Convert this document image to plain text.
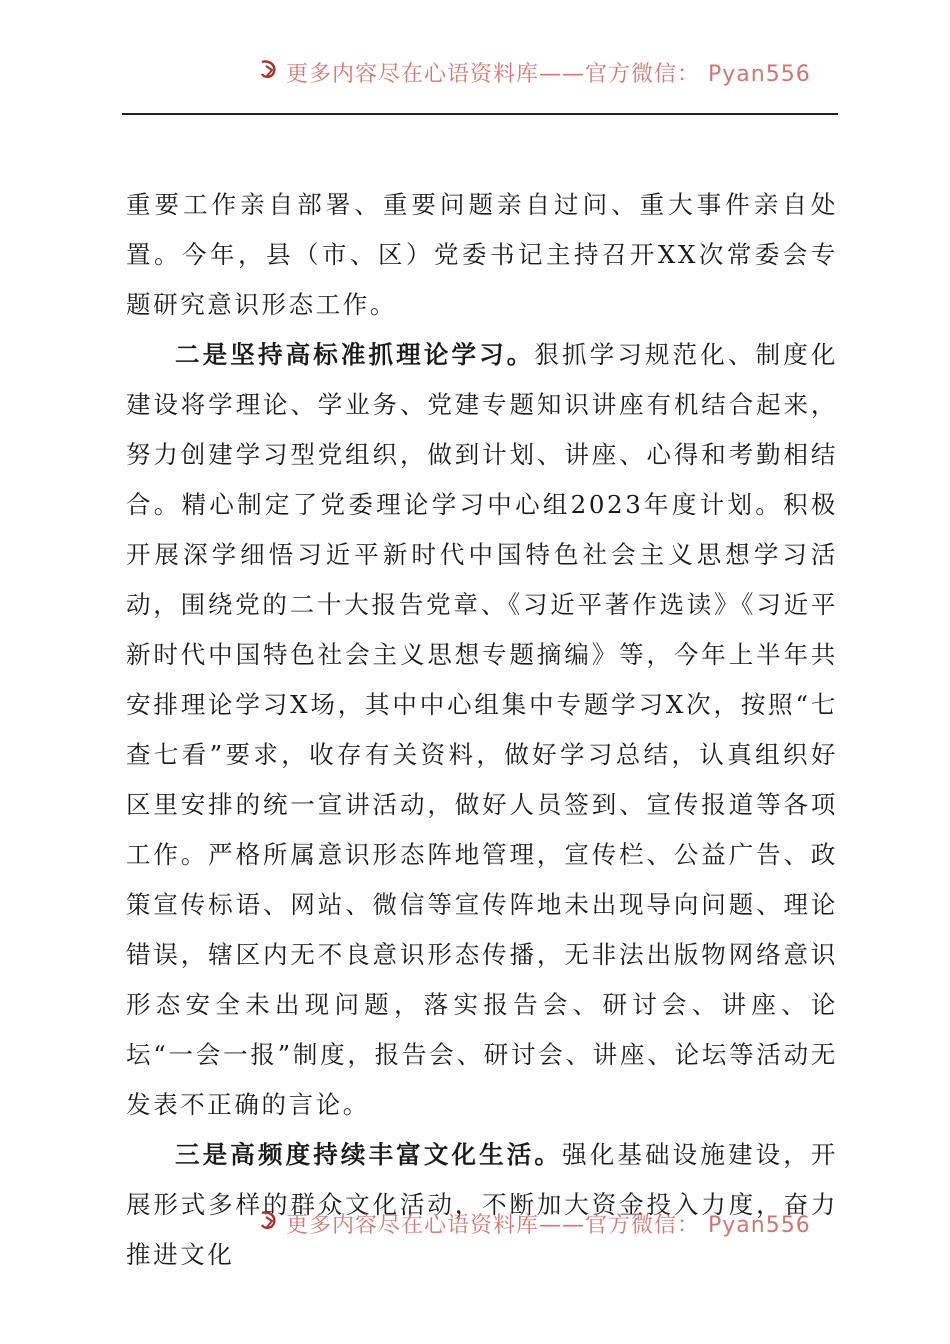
更多内容尽在心语资料库——官方微信： Pyan556

重要工作亲自部署、重要问题亲自过问、重大事件亲自处置。今年，县（市、区）党委书记主持召开XX次常委会专题研究意识形态工作。

二是坚持高标准抓理论学习。狠抓学习规范化、制度化建设将学理论、学业务、党建专题知识讲座有机结合起来，努力创建学习型党组织，做到计划、讲座、心得和考勤相结合。精心制定了党委理论学习中心组2023年度计划。积极开展深学细悟习近平新时代中国特色社会主义思想学习活动，围绕党的二十大报告党章、《习近平著作选读》《习近平新时代中国特色社会主义思想专题摘编》等，今年上半年共安排理论学习X场，其中中心组集中专题学习X次，按照“七查七看”要求，收存有关资料，做好学习总结，认真组织好区里安排的统一宣讲活动，做好人员签到、宣传报道等各项工作。严格所属意识形态阵地管理，宣传栏、公益广告、政策宣传标语、网站、微信等宣传阵地未出现导向问题、理论错误，辖区内无不良意识形态传播，无非法出版物网络意识形态安全未出现问题，落实报告会、研讨会、讲座、论坛“一会一报”制度，报告会、研讨会、讲座、论坛等活动无发表不正确的言论。

三是高频度持续丰富文化生活。强化基础设施建设，开展形式多样的群众文化活动，不断加大资金投入力度，奋力推进文化

更多内容尽在心语资料库——官方微信： Pyan556
